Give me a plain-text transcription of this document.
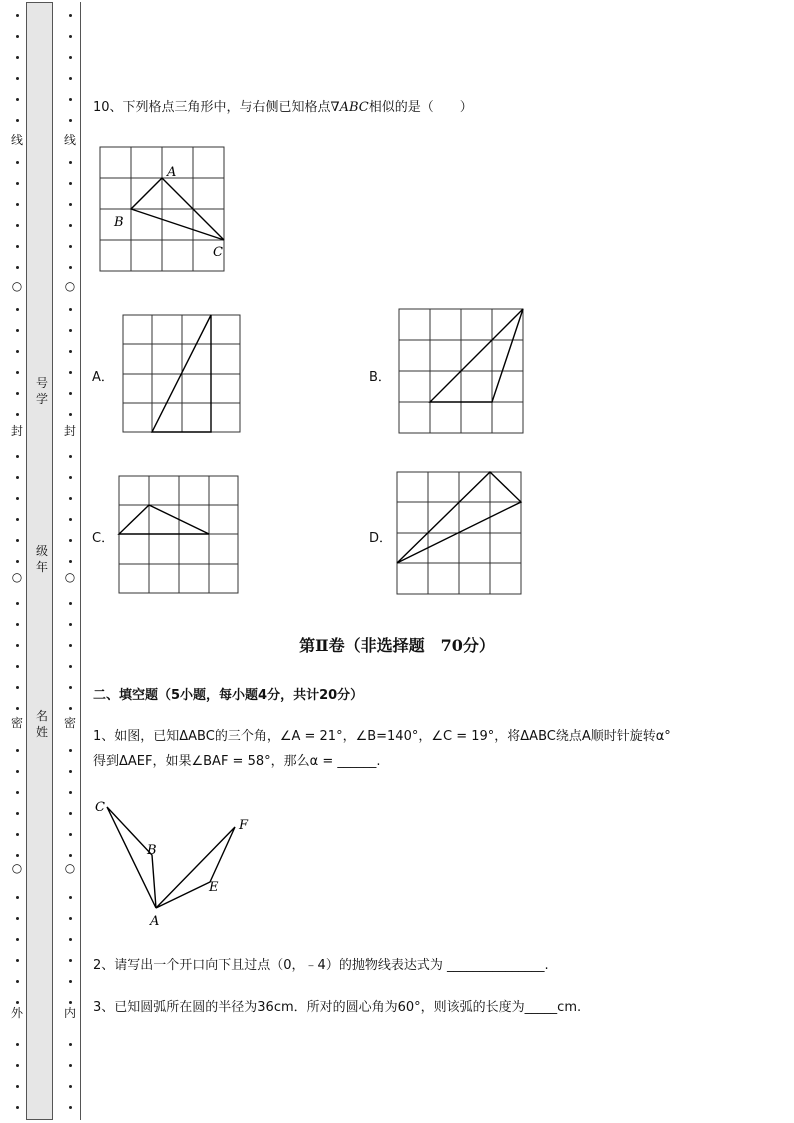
线
○
封
○
密
○
外
线
○
封
○
密
○
内
号学
级年
名姓
10、下列格点三角形中，与右侧已知格点∇ABC相似的是（　　）
A
B
C
A．	B．
C．	D．
第Ⅱ卷（非选择题　70分）
二、填空题（5小题，每小题4分，共计20分）
1、如图，已知ΔABC的三个角，∠A = 21°，∠B=140°，∠C = 19°，将ΔABC绕点A顺时针旋转α°
得到ΔAEF，如果∠BAF = 58°，那么α = ______.
C
B
A
E
F
2、请写出一个开口向下且过点（0，﹣4）的抛物线表达式为 _______________.
3、已知圆弧所在圆的半径为36cm．所对的圆心角为60°，则该弧的长度为_____cm.
